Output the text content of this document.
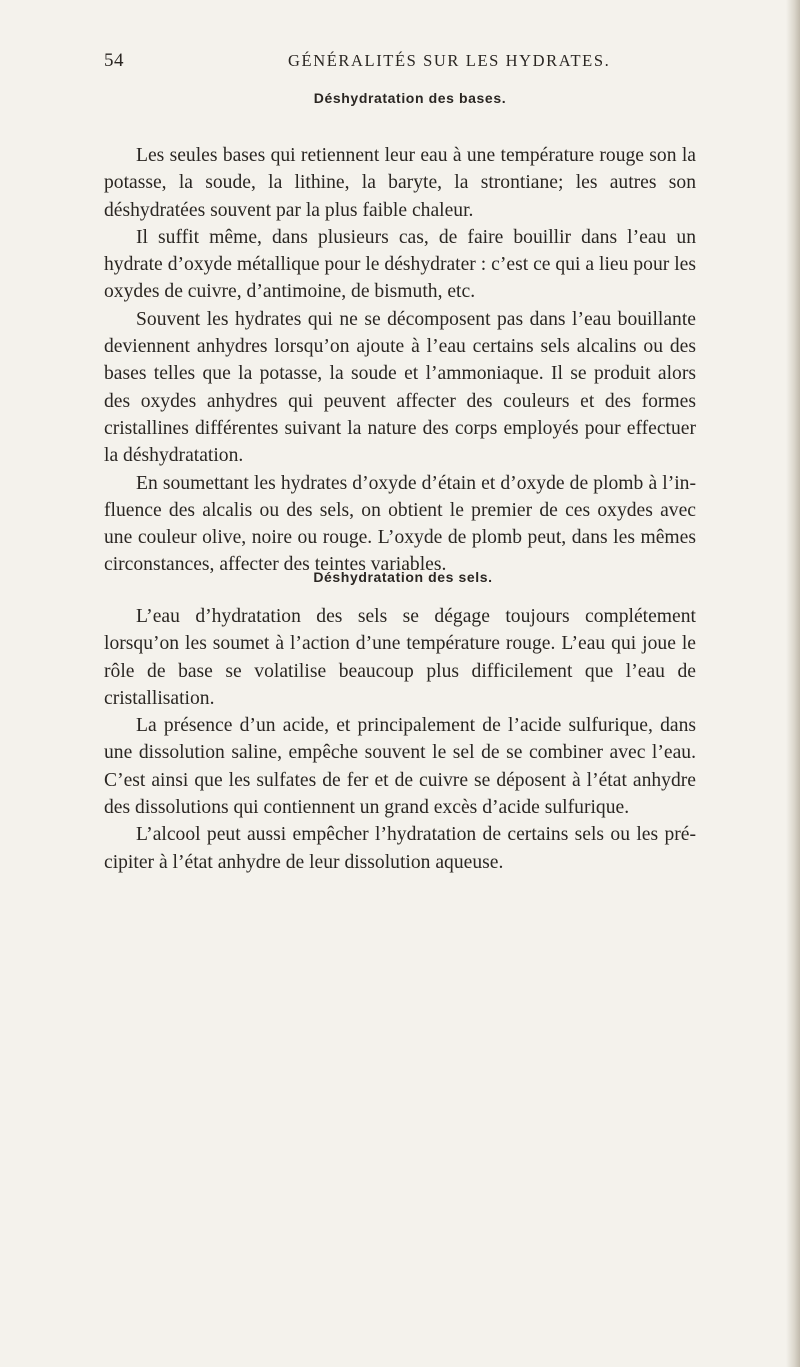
54	GÉNÉRALITÉS SUR LES HYDRATES.
Déshydratation des bases.

Les seules bases qui retiennent leur eau à une température rouge son la potasse, la soude, la lithine, la baryte, la strontiane; les autres son déshydratées souvent par la plus faible chaleur.

Il suffit même, dans plusieurs cas, de faire bouillir dans l’eau un hydrate d’oxyde métallique pour le déshydrater : c’est ce qui a lieu pour les oxydes de cuivre, d’antimoine, de bismuth, etc.

Souvent les hydrates qui ne se décomposent pas dans l’eau bouillante deviennent anhydres lorsqu’on ajoute à l’eau certains sels alcalins ou des bases telles que la potasse, la soude et l’ammoniaque. Il se produit alors des oxydes anhydres qui peuvent affecter des couleurs et des formes cristallines différentes suivant la nature des corps employés pour effectuer la déshydratation.

En soumettant les hydrates d’oxyde d’étain et d’oxyde de plomb à l’influence des alcalis ou des sels, on obtient le premier de ces oxydes avec une couleur olive, noire ou rouge. L’oxyde de plomb peut, dans les mêmes circonstances, affecter des teintes variables.

Déshydratation des sels.

L’eau d’hydratation des sels se dégage toujours complétement lorsqu’on les soumet à l’action d’une température rouge. L’eau qui joue le rôle de base se volatilise beaucoup plus difficilement que l’eau de cristallisation.

La présence d’un acide, et principalement de l’acide sulfurique, dans une dissolution saline, empêche souvent le sel de se combiner avec l’eau. C’est ainsi que les sulfates de fer et de cuivre se déposent à l’état anhydre des dissolutions qui contiennent un grand excès d’acide sulfurique.

L’alcool peut aussi empêcher l’hydratation de certains sels ou les précipiter à l’état anhydre de leur dissolution aqueuse.
